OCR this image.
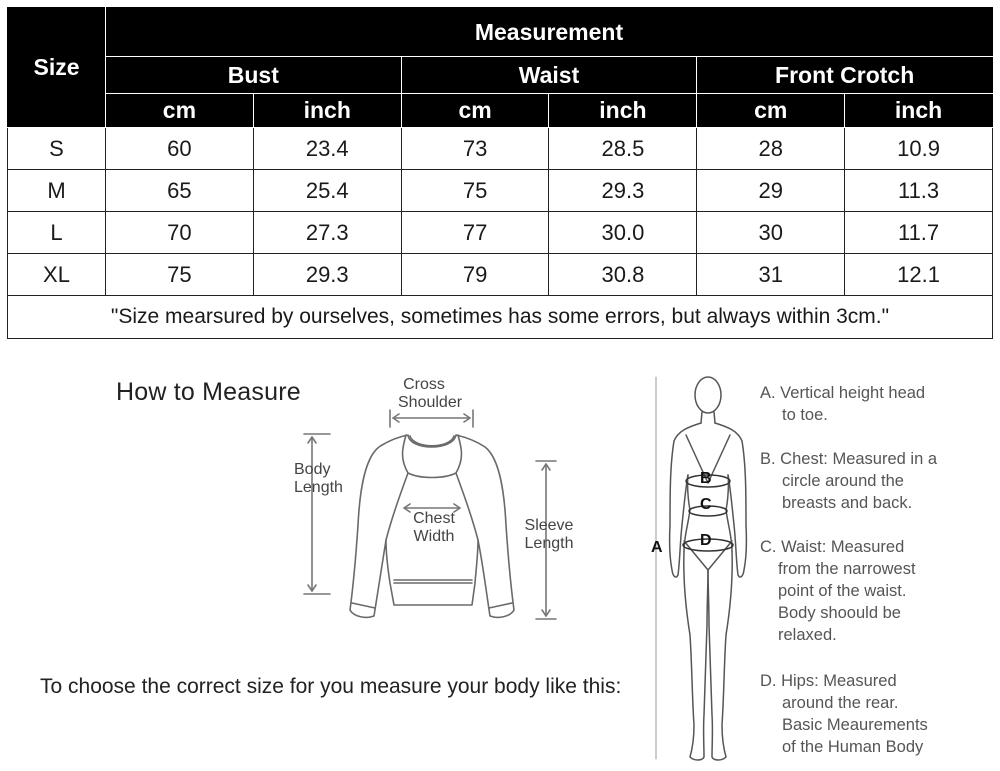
Size	Measurement					
	Bust		Waist		Front Crotch	
	cm	inch	cm	inch	cm	inch
S	60	23.4	73	28.5	28	10.9
M	65	25.4	75	29.3	29	11.3
L	70	27.3	77	30.0	30	11.7
XL	75	29.3	79	30.8	31	12.1
"Size mearsured by ourselves, sometimes has some errors, but always within 3cm."						
How to Measure	Cross
Shoulder
Body
Length
Chest
Width
Sleeve
Length
To choose the correct size for you measure your body like this:
B
C
D
A
A. Vertical height head
to toe.
B. Chest: Measured in a
circle around the
breasts and back.
C. Waist: Measured
from the narrowest
point of the waist.
Body shoould be
relaxed.
D. Hips: Measured
around the rear.
Basic Meaurements
of the Human Body
